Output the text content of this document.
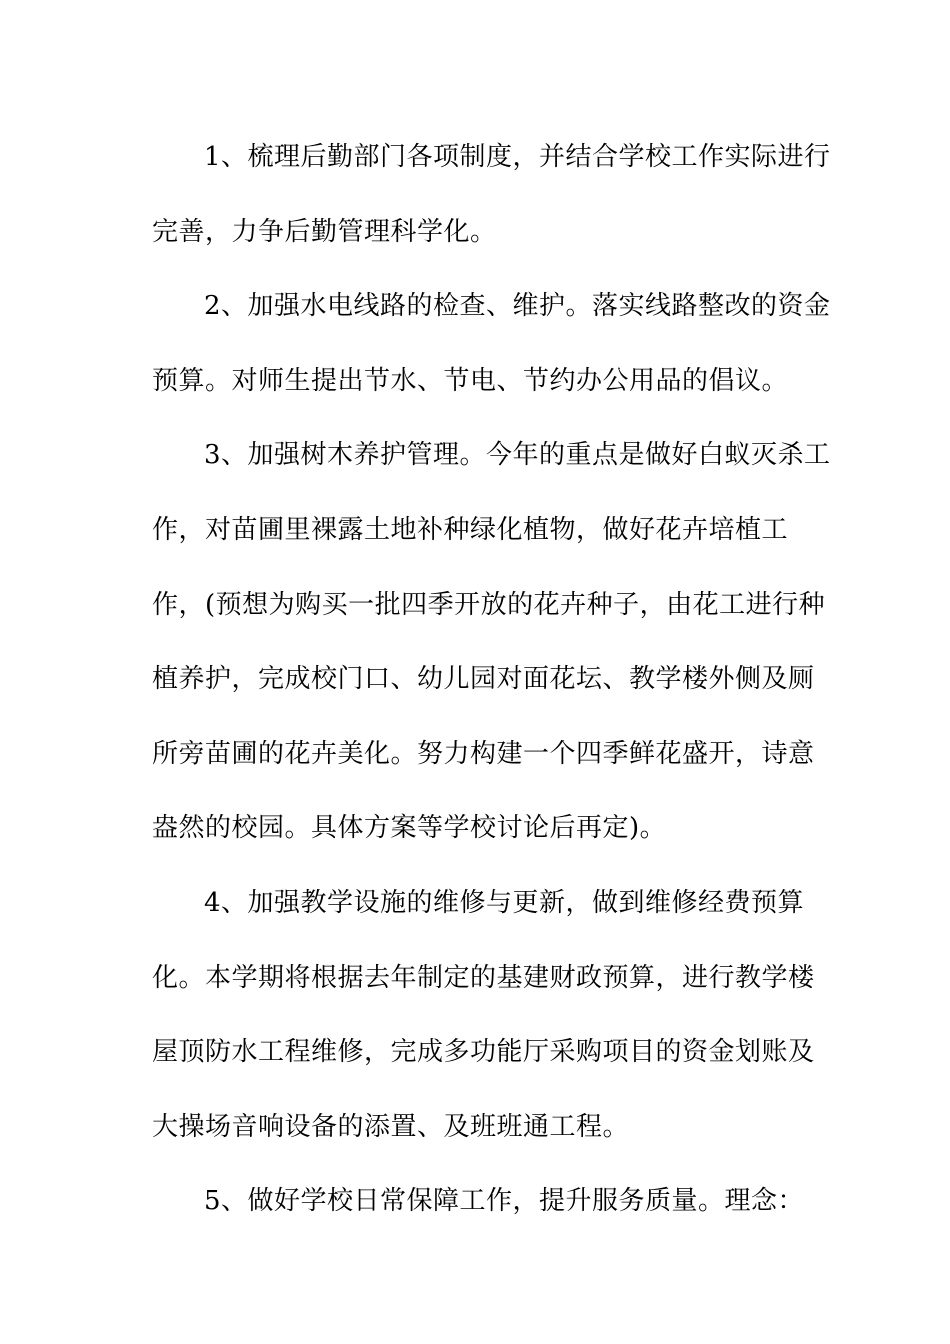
1、梳理后勤部门各项制度，并结合学校工作实际进行
完善，力争后勤管理科学化。
2、加强水电线路的检查、维护。落实线路整改的资金
预算。对师生提出节水、节电、节约办公用品的倡议。
3、加强树木养护管理。今年的重点是做好白蚁灭杀工
作，对苗圃里裸露土地补种绿化植物，做好花卉培植工
作，(预想为购买一批四季开放的花卉种子，由花工进行种
植养护，完成校门口、幼儿园对面花坛、教学楼外侧及厕
所旁苗圃的花卉美化。努力构建一个四季鲜花盛开，诗意
盎然的校园。具体方案等学校讨论后再定)。
4、加强教学设施的维修与更新，做到维修经费预算
化。本学期将根据去年制定的基建财政预算，进行教学楼
屋顶防水工程维修，完成多功能厅采购项目的资金划账及
大操场音响设备的添置、及班班通工程。
5、做好学校日常保障工作，提升服务质量。理念：
